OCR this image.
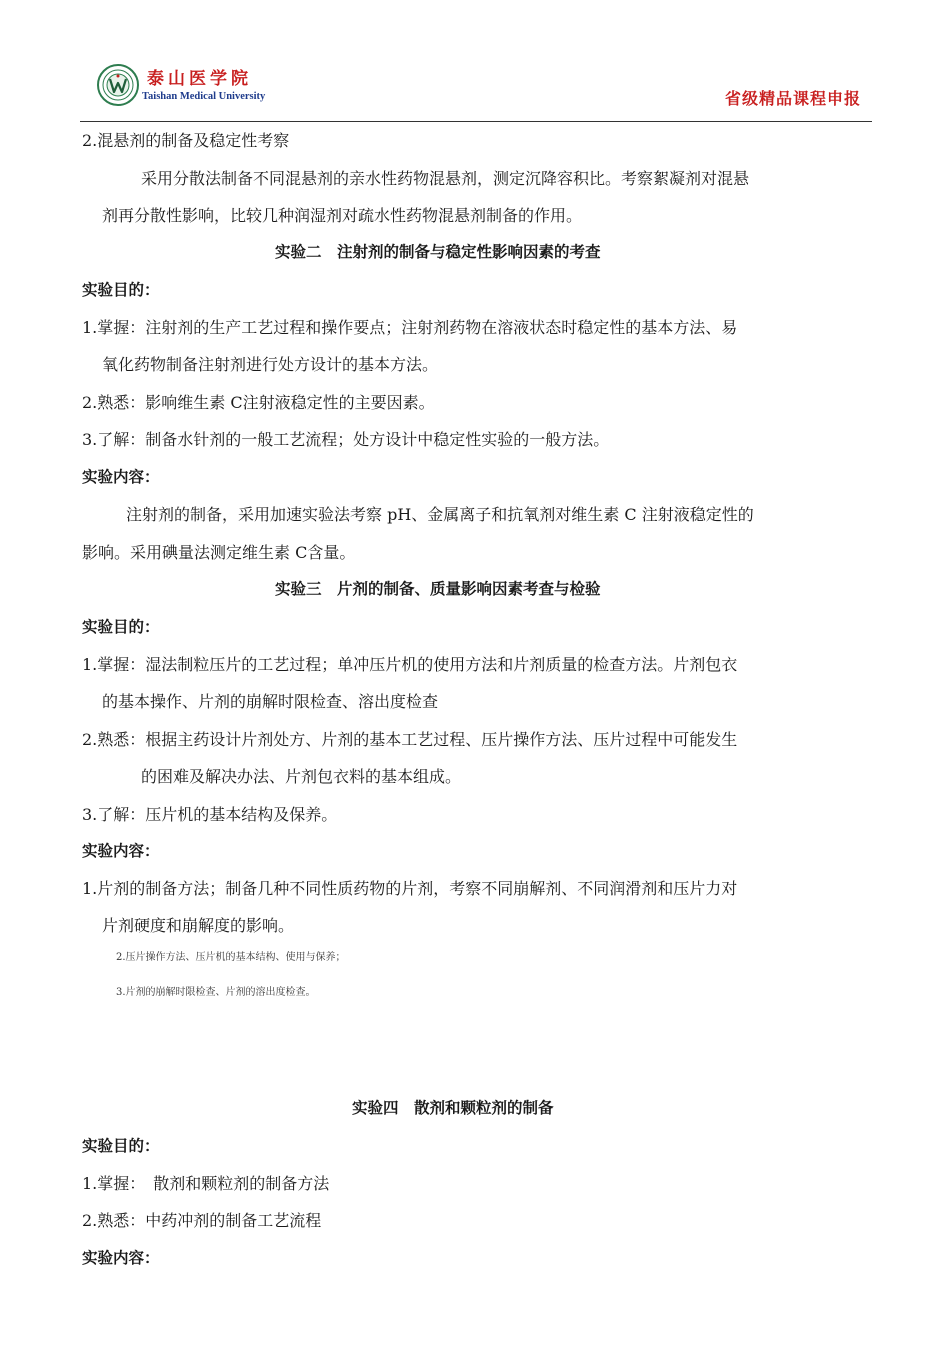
泰山医学院
Taishan Medical University	省级精品课程申报
2.混悬剂的制备及稳定性考察
采用分散法制备不同混悬剂的亲水性药物混悬剂，测定沉降容积比。考察絮凝剂对混悬
剂再分散性影响，比较几种润湿剂对疏水性药物混悬剂制备的作用。
实验二　注射剂的制备与稳定性影响因素的考查
实验目的：
1.掌握：注射剂的生产工艺过程和操作要点；注射剂药物在溶液状态时稳定性的基本方法、易
氧化药物制备注射剂进行处方设计的基本方法。
2.熟悉：影响维生素 C注射液稳定性的主要因素。
3.了解：制备水针剂的一般工艺流程；处方设计中稳定性实验的一般方法。
实验内容：
注射剂的制备，采用加速实验法考察 pH、金属离子和抗氧剂对维生素 C 注射液稳定性的
影响。采用碘量法测定维生素 C含量。
实验三　片剂的制备、质量影响因素考查与检验
实验目的：
1.掌握：湿法制粒压片的工艺过程；单冲压片机的使用方法和片剂质量的检查方法。片剂包衣
的基本操作、片剂的崩解时限检查、溶出度检查
2.熟悉：根据主药设计片剂处方、片剂的基本工艺过程、压片操作方法、压片过程中可能发生
的困难及解决办法、片剂包衣料的基本组成。
3.了解：压片机的基本结构及保养。
实验内容：
1.片剂的制备方法；制备几种不同性质药物的片剂，考察不同崩解剂、不同润滑剂和压片力对
片剂硬度和崩解度的影响。
2.压片操作方法、压片机的基本结构、使用与保养；
3.片剂的崩解时限检查、片剂的溶出度检查。
实验四　散剂和颗粒剂的制备
实验目的：
1.掌握：　散剂和颗粒剂的制备方法
2.熟悉：中药冲剂的制备工艺流程
实验内容：
